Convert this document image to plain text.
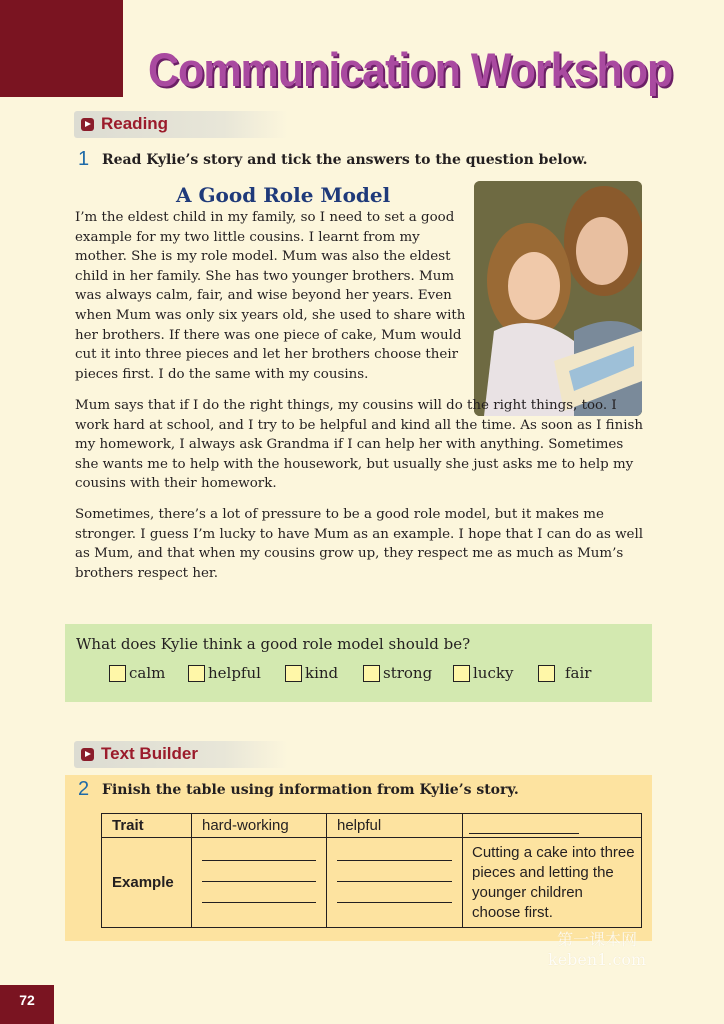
Communication Workshop
Reading
1 Read Kylie’s story and tick the answers to the question below.
A Good Role Model

I’m the eldest child in my family, so I need to set a good example for my two little cousins. I learnt from my mother. She is my role model. Mum was also the eldest child in her family. She has two younger brothers. Mum was always calm, fair, and wise beyond her years. Even when Mum was only six years old, she used to share with her brothers. If there was one piece of cake, Mum would cut it into three pieces and let her brothers choose their pieces first. I do the same with my cousins.

Mum says that if I do the right things, my cousins will do the right things, too. I work hard at school, and I try to be helpful and kind all the time. As soon as I finish my homework, I always ask Grandma if I can help her with anything. Sometimes she wants me to help with the housework, but usually she just asks me to help my cousins with their homework.

Sometimes, there’s a lot of pressure to be a good role model, but it makes me stronger. I guess I’m lucky to have Mum as an example. I hope that I can do as well as Mum, and that when my cousins grow up, they respect me as much as Mum’s brothers respect her.

What does Kylie think a good role model should be?
calm	helpful	kind	strong	lucky	fair
Text Builder
2 Finish the table using information from Kylie’s story.
Trait	hard-working	helpful	

Example			Cutting a cake into three pieces and letting the younger children choose first.
第一课本网
keben1.com
72
